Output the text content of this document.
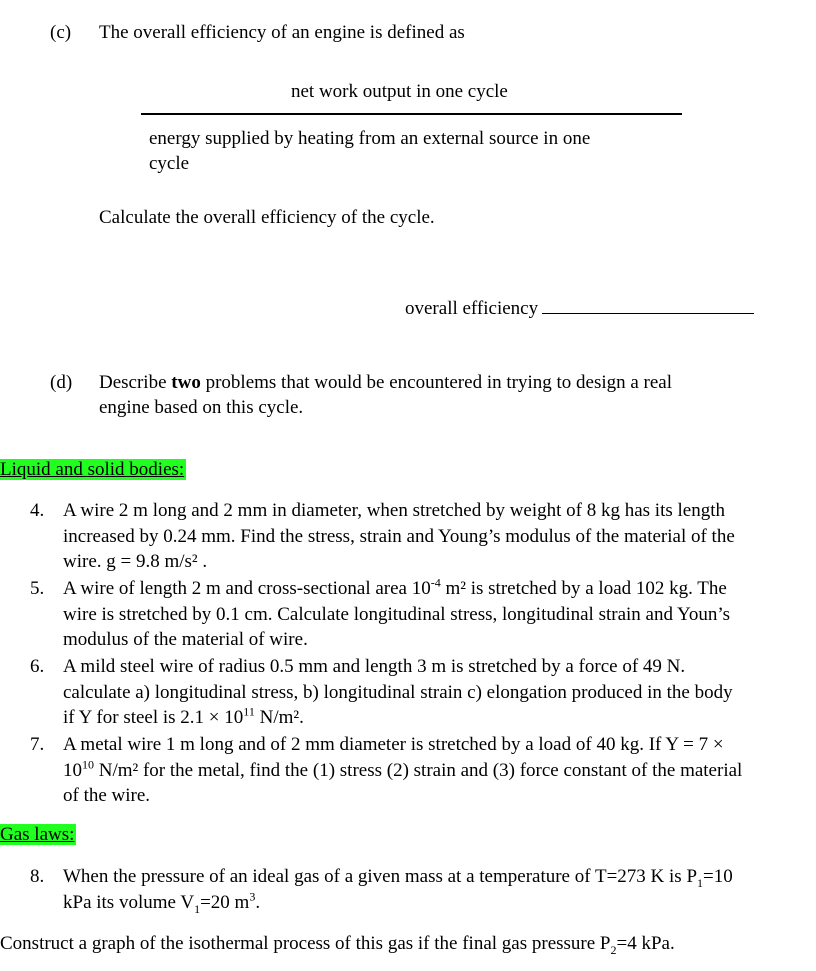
(c) The overall efficiency of an engine is defined as
net work output in one cycle
energy supplied by heating from an external source in one
cycle
Calculate the overall efficiency of the cycle.
overall efficiency
(d) Describe two problems that would be encountered in trying to design a real
engine based on this cycle.
Liquid and solid bodies:
4. A wire 2 m long and 2 mm in diameter, when stretched by weight of 8 kg has its length
increased by 0.24 mm. Find the stress, strain and Young’s modulus of the material of the
wire. g = 9.8 m/s² .
5. A wire of length 2 m and cross-sectional area $10^{-4}$ m² is stretched by a load 102 kg. The
wire is stretched by 0.1 cm. Calculate longitudinal stress, longitudinal strain and Youn’s
modulus of the material of wire.
6. A mild steel wire of radius 0.5 mm and length 3 m is stretched by a force of 49 N.
calculate a) longitudinal stress, b) longitudinal strain c) elongation produced in the body
if Y for steel is $2.1 \times 10^{11}$ N/m².
7. A metal wire 1 m long and of 2 mm diameter is stretched by a load of 40 kg. If Y = 7 ×
$10^{10}$ N/m² for the metal, find the (1) stress (2) strain and (3) force constant of the material
of the wire.
Gas laws:
8. When the pressure of an ideal gas of a given mass at a temperature of T=273 K is $P_1=10$
kPa its volume $V_1=20$ $m^3$.
Construct a graph of the isothermal process of this gas if the final gas pressure $P_2=4$ kPa.
